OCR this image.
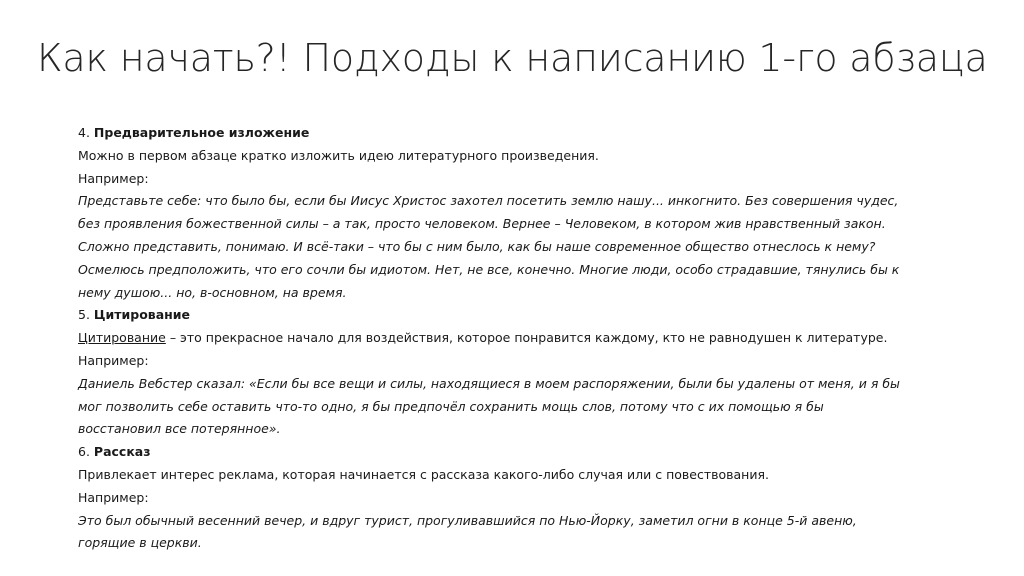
Как начать?! Подходы к написанию 1-го абзаца
4. Предварительное изложение
Можно в первом абзаце кратко изложить идею литературного произведения.
Например:
Представьте себе: что было бы, если бы Иисус Христос захотел посетить землю нашу... инкогнито. Без совершения чудес,
без проявления божественной силы – а так, просто человеком. Вернее – Человеком, в котором жив нравственный закон.
Сложно представить, понимаю. И всё-таки – что бы с ним было, как бы наше современное общество отнеслось к нему?
Осмелюсь предположить, что его сочли бы идиотом. Нет, не все, конечно. Многие люди, особо страдавшие, тянулись бы к
нему душою... но, в-основном, на время.
5. Цитирование
Цитирование – это прекрасное начало для воздействия, которое понравится каждому, кто не равнодушен к литературе.
Например:
Даниель Вебстер сказал: «Если бы все вещи и силы, находящиеся в моем распоряжении, были бы удалены от меня, и я бы
мог позволить себе оставить что-то одно, я бы предпочёл сохранить мощь слов, потому что с их помощью я бы
восстановил все потерянное».
6. Рассказ
Привлекает интерес реклама, которая начинается с рассказа какого-либо случая или с повествования.
Например:
Это был обычный весенний вечер, и вдруг турист, прогуливавшийся по Нью-Йорку, заметил огни в конце 5-й авеню,
горящие в церкви.
